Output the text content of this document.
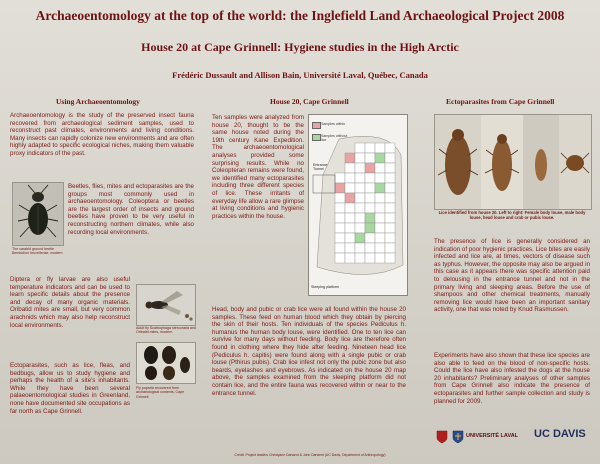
Archaeoentomology at the top of the world: the Inglefield Land Archaeological Project 2008
House 20 at Cape Grinnell: Hygiene studies in the High Arctic
Frédéric Dussault and Allison Bain, Université Laval, Québec, Canada
Using Archaeoentomology
Archaeoentomology is the study of the preserved insect fauna recovered from archaeological sediment samples, used to reconstruct past climates, environments and living conditions. Many insects can rapidly colonize new environments and are often highly adapted to specific ecological niches, making them valuable proxy indicators of the past.
The carabid ground beetle Bembidion bruxellense, modern
Beetles, flies, mites and ectoparasites are the groups most commonly used in archaeoentomology. Coleoptera or beetles are the largest order of insects and ground beetles have proven to be very useful in reconstructing northern climates, while also recording local environments.
Diptera or fly larvae are also useful temperature indicators and can be used to learn specific details about the presence and decay of many organic materials. Oribatid mites are small, but very common arachnids which may also help reconstruct local environments.	Adult fly Scathophaga stercoraria and Oribatid mites, modern
Ectoparasites, such as lice, fleas, and bedbugs, allow us to study hygiene and perhaps the health of a site's inhabitants. While they have been several palaeoentomological studies in Greenland, none have documented site occupations as far north as Cape Grinnell.
Fly puparia recovered from archaeological contexts, Cape Grinnell
House 20, Cape Grinnell
Ten samples were analyzed from house 20, thought to be the same house noted during the 19th century Kane Expedition. The archaeoentomological analyses provided some surprising results. While no Coleopteran remains were found, we identified many ectoparasites including three different species of lice. These irritants of everyday life allow a rare glimpse at living conditions and hygienic practices within the house.
Samples within
Samples without lice
Entrance Tunnel
Sleeping platform
Head, body and pubic or crab lice were all found within the house 20 samples. These feed on human blood which they obtain by piercing the skin of their hosts. Ten individuals of the species Pediculus h. humanus the human body louse, were identified. One to ten lice can survive for many days without feeding. Body lice are therefore often found in clothing where they hide after feeding. Nineteen head lice (Pediculus h. capitis) were found along with a single pubic or crab louse (Pthirus pubis). Crab lice infest not only the pubic zone but also beards, eyelashes and eyebrows. As indicated on the house 20 map above, the samples examined from the sleeping platform did not contain lice, and the entire fauna was recovered within or near to the entrance tunnel.
Credit: Project leaders Christyann Darwent & John Darwent (UC Davis, Department of Anthropology)
Ectoparasites from Cape Grinnell
Lice identified from house 20. Left to right: Female body louse, male body louse, head louse and crab or pubic louse.
The presence of lice is generally considered an indication of poor hygienic practices. Lice bites are easily infected and lice are, at times, vectors of disease such as typhus. However, the opposite may also be argued in this case as it appears there was specific attention paid to delousing in the entrance tunnel and not in the primary living and sleeping areas. Before the use of shampoos and other chemical treatments, manually removing lice would have been an important sanitary activity, one that was noted by Knud Rasmussen.
Experiments have also shown that these lice species are also able to feed on the blood of non-specific hosts. Could the lice have also infested the dogs at the house 20 inhabitants? Preliminary analyses of other samples from Cape Grinnell also indicate the presence of ectoparasites and further sample collection and study is planned for 2009.
UNIVERSITÉ LAVAL UC DAVIS
